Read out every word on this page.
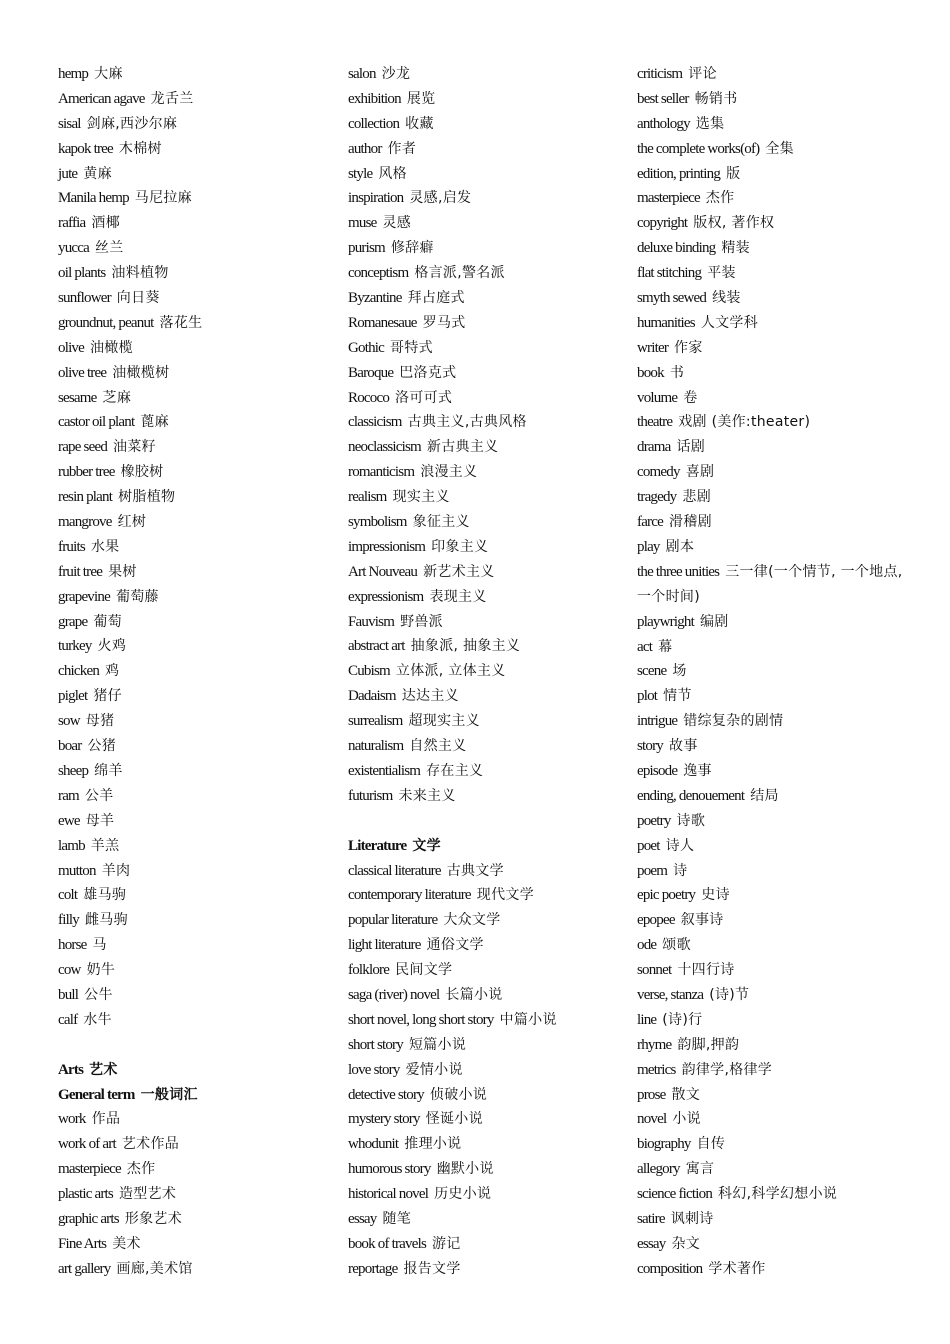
hemp 大麻
American agave 龙舌兰
sisal 剑麻,西沙尔麻
kapok tree 木棉树
jute 黄麻
Manila hemp 马尼拉麻
raffia 酒椰
yucca 丝兰
oil plants 油料植物
sunflower 向日葵
groundnut, peanut 落花生
olive 油橄榄
olive tree 油橄榄树
sesame 芝麻
castor oil plant 蓖麻
rape seed 油菜籽
rubber tree 橡胶树
resin plant 树脂植物
mangrove 红树
fruits 水果
fruit tree 果树
grapevine 葡萄藤
grape 葡萄
turkey 火鸡
chicken 鸡
piglet 猪仔
sow 母猪
boar 公猪
sheep 绵羊
ram 公羊
ewe 母羊
lamb 羊羔
mutton 羊肉
colt 雄马驹
filly 雌马驹
horse 马
cow 奶牛
bull 公牛
calf 水牛
Arts 艺术
General term 一般词汇
work 作品
work of art 艺术作品
masterpiece 杰作
plastic arts 造型艺术
graphic arts 形象艺术
Fine Arts 美术
art gallery 画廊,美术馆
salon 沙龙
exhibition 展览
collection 收藏
author 作者
style 风格
inspiration 灵感,启发
muse 灵感
purism 修辞癖
conceptism 格言派,警名派
Byzantine 拜占庭式
Romanesaue 罗马式
Gothic 哥特式
Baroque 巴洛克式
Rococo 洛可可式
classicism 古典主义,古典风格
neoclassicism 新古典主义
romanticism 浪漫主义
realism 现实主义
symbolism 象征主义
impressionism 印象主义
Art Nouveau 新艺术主义
expressionism 表现主义
Fauvism 野兽派
abstract art 抽象派, 抽象主义
Cubism 立体派, 立体主义
Dadaism 达达主义
surrealism 超现实主义
naturalism 自然主义
existentialism 存在主义
futurism 未来主义
Literature 文学
classical literature 古典文学
contemporary literature 现代文学
popular literature 大众文学
light literature 通俗文学
folklore 民间文学
saga (river) novel 长篇小说
short novel, long short story 中篇小说
short story 短篇小说
love story 爱情小说
detective story 侦破小说
mystery story 怪诞小说
whodunit 推理小说
humorous story 幽默小说
historical novel 历史小说
essay 随笔
book of travels 游记
reportage 报告文学
criticism 评论
best seller 畅销书
anthology 选集
the complete works(of) 全集
edition, printing 版
masterpiece 杰作
copyright 版权, 著作权
deluxe binding 精装
flat stitching 平装
smyth sewed 线装
humanities 人文学科
writer 作家
book 书
volume 卷
theatre 戏剧 (美作:theater)
drama 话剧
comedy 喜剧
tragedy 悲剧
farce 滑稽剧
play 剧本
the three unities 三一律(一个情节, 一个地点, 一个时间)
playwright 编剧
act 幕
scene 场
plot 情节
intrigue 错综复杂的剧情
story 故事
episode 逸事
ending, denouement 结局
poetry 诗歌
poet 诗人
poem 诗
epic poetry 史诗
epopee 叙事诗
ode 颂歌
sonnet 十四行诗
verse, stanza (诗)节
line (诗)行
rhyme 韵脚,押韵
metrics 韵律学,格律学
prose 散文
novel 小说
biography 自传
allegory 寓言
science fiction 科幻,科学幻想小说
satire 讽刺诗
essay 杂文
composition 学术著作
